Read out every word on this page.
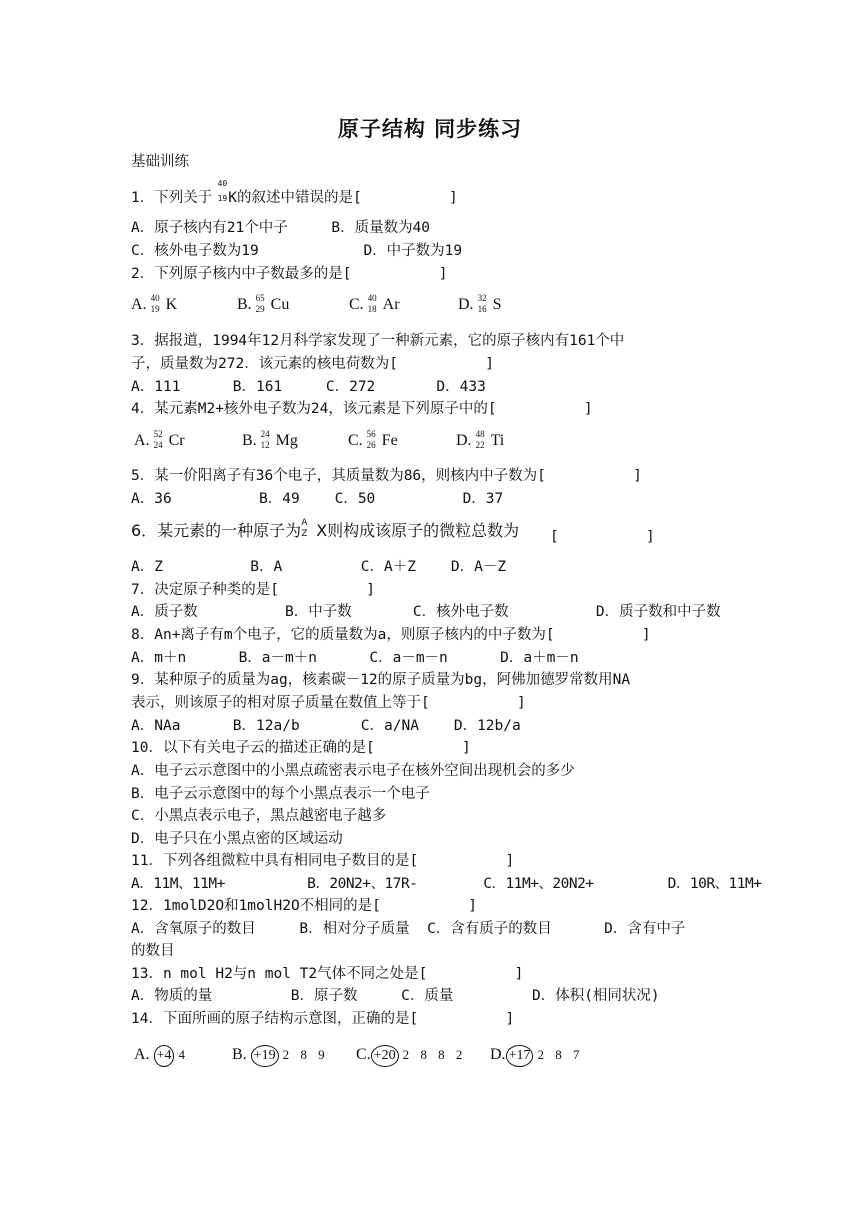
原子结构 同步练习
基础训练
1．下列关于
40
19 K的叙述中错误的是[          ]
A．原子核内有21个中子     B．质量数为40
C．核外电子数为19            D．中子数为19
2．下列原子核内中子数最多的是[          ]
A. 40
19 K	B. 65
29 Cu	C. 40
18 Ar	D. 32
16 S
3．据报道，1994年12月科学家发现了一种新元素，它的原子核内有161个中
子，质量数为272．该元素的核电荷数为[          ]
A．111      B．161     C．272       D．433
4．某元素M2+核外电子数为24，该元素是下列原子中的[          ]
A. 52
24 Cr	B. 24
12 Mg	C. 56
26 Fe	D. 48
22 Ti
5．某一价阳离子有36个电子，其质量数为86，则核内中子数为[          ]
A．36          B．49    C．50          D．37
6．某元素的一种原子为 A
Z X则构成该原子的微粒总数为 [          ]
A．Z          B．A         C．A＋Z    D．A－Z
7．决定原子种类的是[          ]
A．质子数          B．中子数       C．核外电子数          D．质子数和中子数
8．An+离子有m个电子，它的质量数为a，则原子核内的中子数为[          ]
A．m＋n      B．a－m＋n      C．a－m－n      D．a＋m－n
9．某种原子的质量为ag，核素碳－12的原子质量为bg，阿佛加德罗常数用NA
表示，则该原子的相对原子质量在数值上等于[          ]
A．NAa      B．12a/b       C．a/NA    D．12b/a
10．以下有关电子云的描述正确的是[          ]
A．电子云示意图中的小黑点疏密表示电子在核外空间出现机会的多少
B．电子云示意图中的每个小黑点表示一个电子
C．小黑点表示电子，黑点越密电子越多
D．电子只在小黑点密的区域运动
11．下列各组微粒中具有相同电子数目的是[          ]
A．11M、11M+          B．20N2+、17R-        C．11M+、20N2+         D．10R、11M+
12．1molD2O和1molH2O不相同的是[          ]
A．含氧原子的数目     B．相对分子质量  C．含有质子的数目      D．含有中子
的数目
13．n mol H2与n mol T2气体不同之处是[          ]
A．物质的量         B．原子数     C．质量         D．体积(相同状况)
14．下面所画的原子结构示意图，正确的是[          ]
A. +4 4	B. +19 2 8 9 C. +20 2 8 8 2 D. +17 2 8 7
